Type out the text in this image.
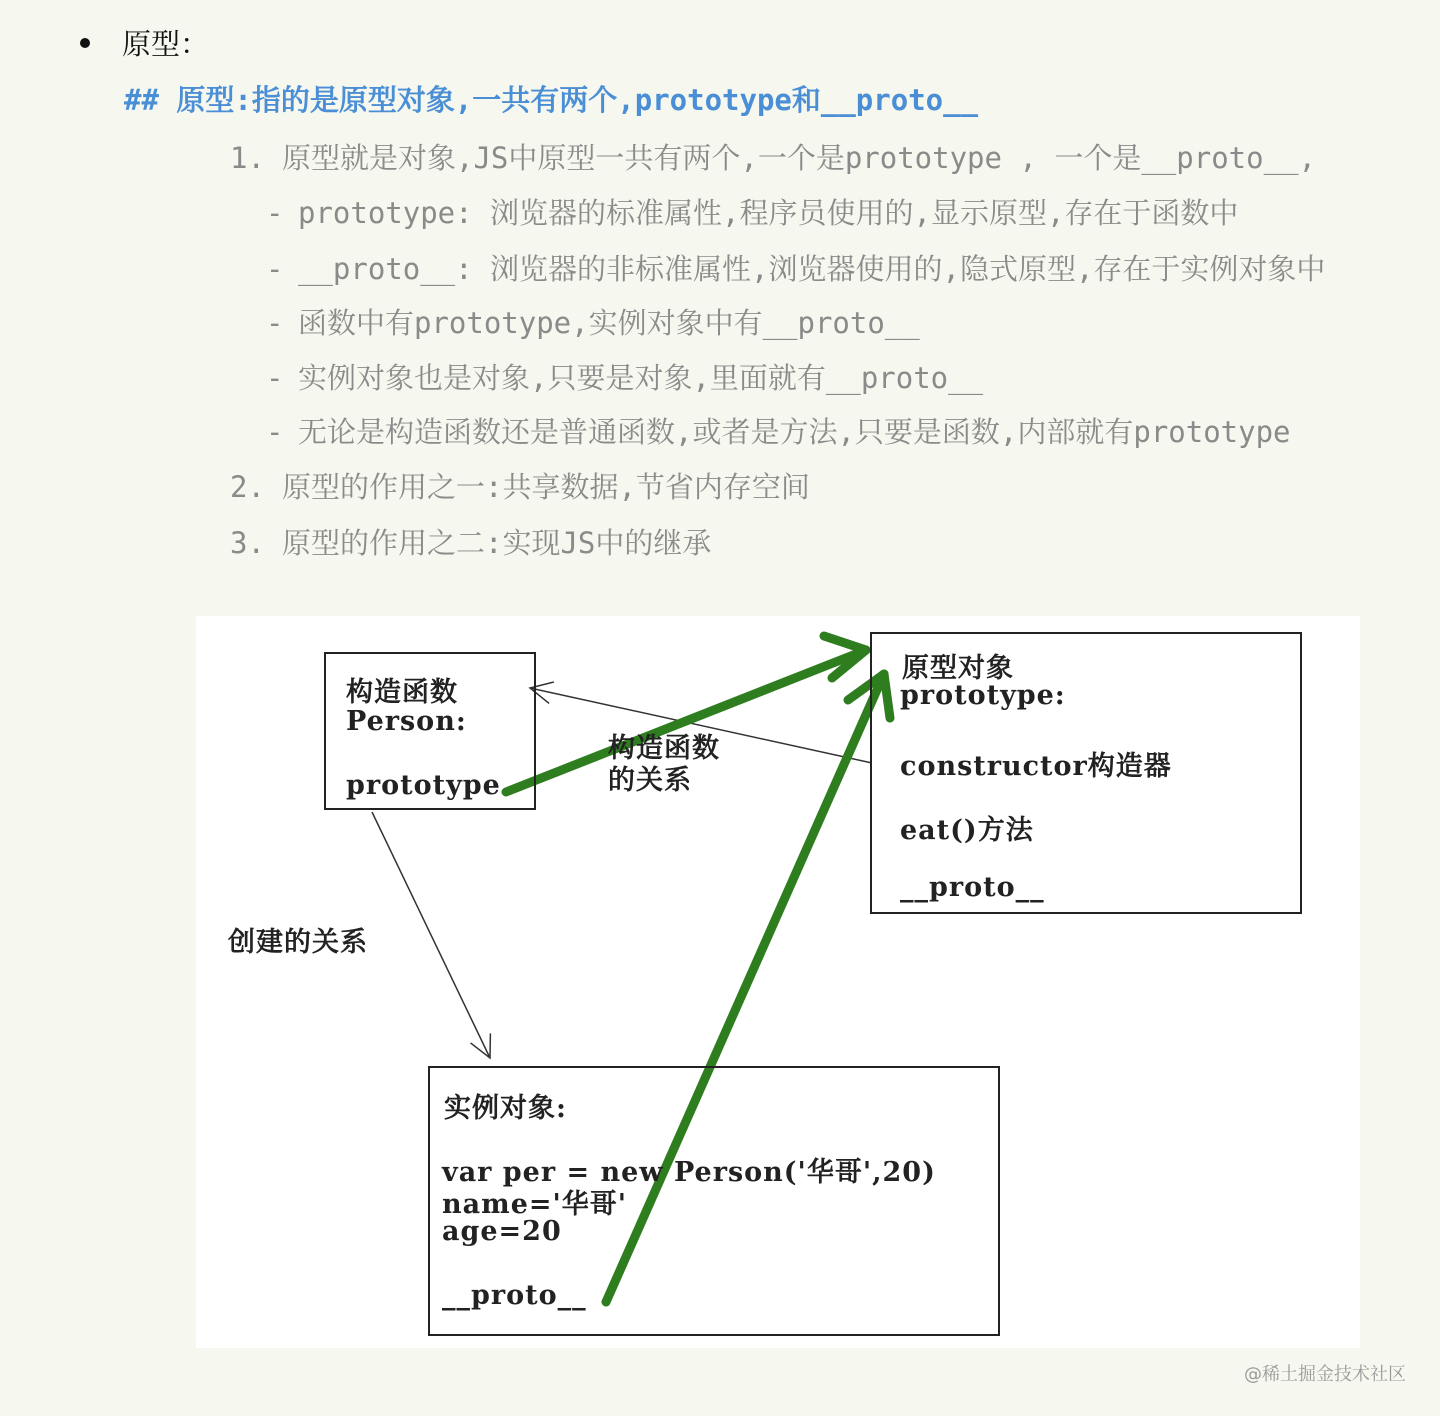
原型：
## 原型:指的是原型对象,一共有两个,prototype和__proto__
1. 原型就是对象,JS中原型一共有两个,一个是prototype , 一个是__proto__,
- prototype: 浏览器的标准属性,程序员使用的,显示原型,存在于函数中
- __proto__: 浏览器的非标准属性,浏览器使用的,隐式原型,存在于实例对象中
- 函数中有prototype,实例对象中有__proto__
- 实例对象也是对象,只要是对象,里面就有__proto__
- 无论是构造函数还是普通函数,或者是方法,只要是函数,内部就有prototype
2. 原型的作用之一:共享数据,节省内存空间
3. 原型的作用之二:实现JS中的继承
构造函数
Person:
prototype
原型对象
prototype:
constructor构造器
eat()方法
__proto__
构造函数
的关系
创建的关系
实例对象:
var per = new Person('华哥',20)
name='华哥'
age=20
__proto__
@稀土掘金技术社区
